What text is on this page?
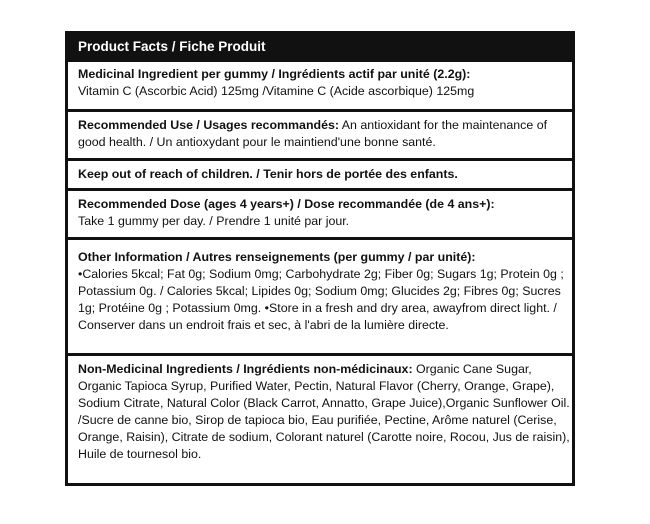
Product Facts / Fiche Produit
Medicinal Ingredient per gummy / Ingrédients actif par unité (2.2g):
Vitamin C (Ascorbic Acid) 125mg /Vitamine C (Acide ascorbique) 125mg
Recommended Use / Usages recommandés: An antioxidant for the maintenance of
good health. / Un antioxydant pour le maintiend'une bonne santé.
Keep out of reach of children. / Tenir hors de portée des enfants.
Recommended Dose (ages 4 years+) / Dose recommandée (de 4 ans+):
Take 1 gummy per day. / Prendre 1 unité par jour.
Other Information / Autres renseignements (per gummy / par unité):
•Calories 5kcal; Fat 0g; Sodium 0mg; Carbohydrate 2g; Fiber 0g; Sugars 1g; Protein 0g ;
Potassium 0g. / Calories 5kcal; Lipides 0g; Sodium 0mg; Glucides 2g; Fibres 0g; Sucres
1g; Protéine 0g ; Potassium 0mg. •Store in a fresh and dry area, awayfrom direct light. /
Conserver dans un endroit frais et sec, à l'abri de la lumière directe.
Non-Medicinal Ingredients / Ingrédients non-médicinaux: Organic Cane Sugar,
Organic Tapioca Syrup, Purified Water, Pectin, Natural Flavor (Cherry, Orange, Grape),
Sodium Citrate, Natural Color (Black Carrot, Annatto, Grape Juice),Organic Sunflower Oil.
/Sucre de canne bio, Sirop de tapioca bio, Eau purifiée, Pectine, Arôme naturel (Cerise,
Orange, Raisin), Citrate de sodium, Colorant naturel (Carotte noire, Rocou, Jus de raisin),
Huile de tournesol bio.
